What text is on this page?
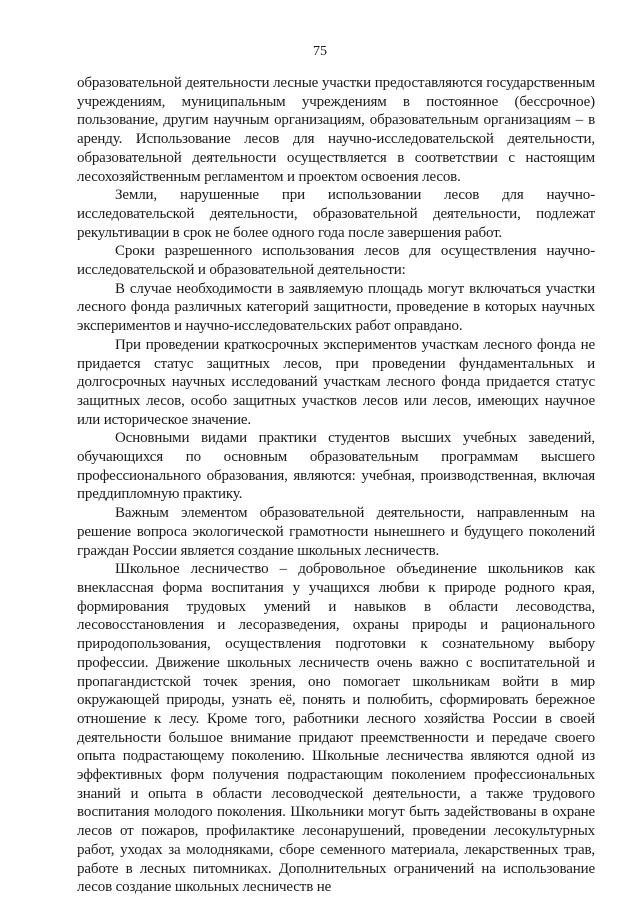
75

образовательной деятельности лесные участки предоставляются государственным учреждениям, муниципальным учреждениям в постоянное (бессрочное) пользование, другим научным организациям, образовательным организациям – в аренду. Использование лесов для научно-исследовательской деятельности, образовательной деятельности осуществляется в соответствии с настоящим лесохозяйственным регламентом и проектом освоения лесов.

Земли, нарушенные при использовании лесов для научно-исследовательской деятельности, образовательной деятельности, подлежат рекультивации в срок не более одного года после завершения работ.

Сроки разрешенного использования лесов для осуществления научно-исследовательской и образовательной деятельности:

В случае необходимости в заявляемую площадь могут включаться участки лесного фонда различных категорий защитности, проведение в которых научных экспериментов и научно-исследовательских работ оправдано.

При проведении краткосрочных экспериментов участкам лесного фонда не придается статус защитных лесов, при проведении фундаментальных и долгосрочных научных исследований участкам лесного фонда придается статус защитных лесов, особо защитных участков лесов или лесов, имеющих научное или историческое значение.

Основными видами практики студентов высших учебных заведений, обучающихся по основным образовательным программам высшего профессионального образования, являются: учебная, производственная, включая преддипломную практику.

Важным элементом образовательной деятельности, направленным на решение вопроса экологической грамотности нынешнего и будущего поколений граждан России является создание школьных лесничеств.

Школьное лесничество – добровольное объединение школьников как внеклассная форма воспитания у учащихся любви к природе родного края, формирования трудовых умений и навыков в области лесоводства, лесовосстановления и лесоразведения, охраны природы и рационального природопользования, осуществления подготовки к сознательному выбору профессии. Движение школьных лесничеств очень важно с воспитательной и пропагандистской точек зрения, оно помогает школьникам войти в мир окружающей природы, узнать её, понять и полюбить, сформировать бережное отношение к лесу. Кроме того, работники лесного хозяйства России в своей деятельности большое внимание придают преемственности и передаче своего опыта подрастающему поколению. Школьные лесничества являются одной из эффективных форм получения подрастающим поколением профессиональных знаний и опыта в области лесоводческой деятельности, а также трудового воспитания молодого поколения. Школьники могут быть задействованы в охране лесов от пожаров, профилактике лесонарушений, проведении лесокультурных работ, уходах за молодняками, сборе семенного материала, лекарственных трав, работе в лесных питомниках. Дополнительных ограничений на использование лесов создание школьных лесничеств не
